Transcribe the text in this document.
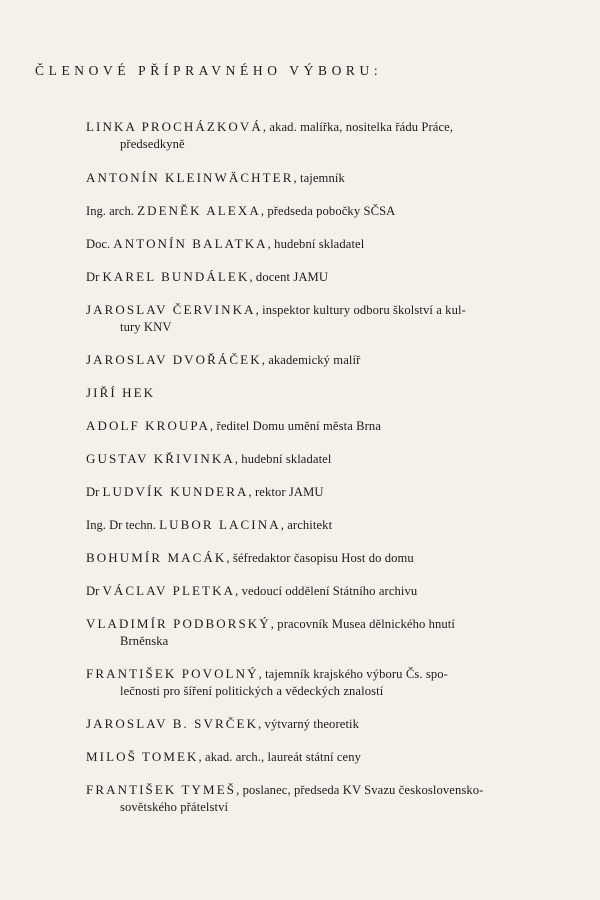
ČLENOVÉ PŘÍPRAVNÉHO VÝBORU:
LINKA PROCHÁZKOVÁ, akad. malířka, nositelka řádu Práce,
předsedkyně
ANTONÍN KLEINWÄCHTER, tajemník
Ing. arch. ZDENĚK ALEXA, předseda pobočky SČSA
Doc. ANTONÍN BALATKA, hudební skladatel
Dr KAREL BUNDÁLEK, docent JAMU
JAROSLAV ČERVINKA, inspektor kultury odboru školství a kul-
tury KNV
JAROSLAV DVOŘÁČEK, akademický malíř
JIŘÍ HEK
ADOLF KROUPA, ředitel Domu umění města Brna
GUSTAV KŘIVINKA, hudební skladatel
Dr LUDVÍK KUNDERA, rektor JAMU
Ing. Dr techn. LUBOR LACINA, architekt
BOHUMÍR MACÁK, šéfredaktor časopisu Host do domu
Dr VÁCLAV PLETKA, vedoucí oddělení Státního archivu
VLADIMÍR PODBORSKÝ, pracovník Musea dělnického hnutí
Brněnska
FRANTIŠEK POVOLNÝ, tajemník krajského výboru Čs. spo-
lečnosti pro šíření politických a vědeckých znalostí
JAROSLAV B. SVRČEK, výtvarný theoretik
MILOŠ TOMEK, akad. arch., laureát státní ceny
FRANTIŠEK TYMEŠ, poslanec, předseda KV Svazu československo-
sovětského přátelství
